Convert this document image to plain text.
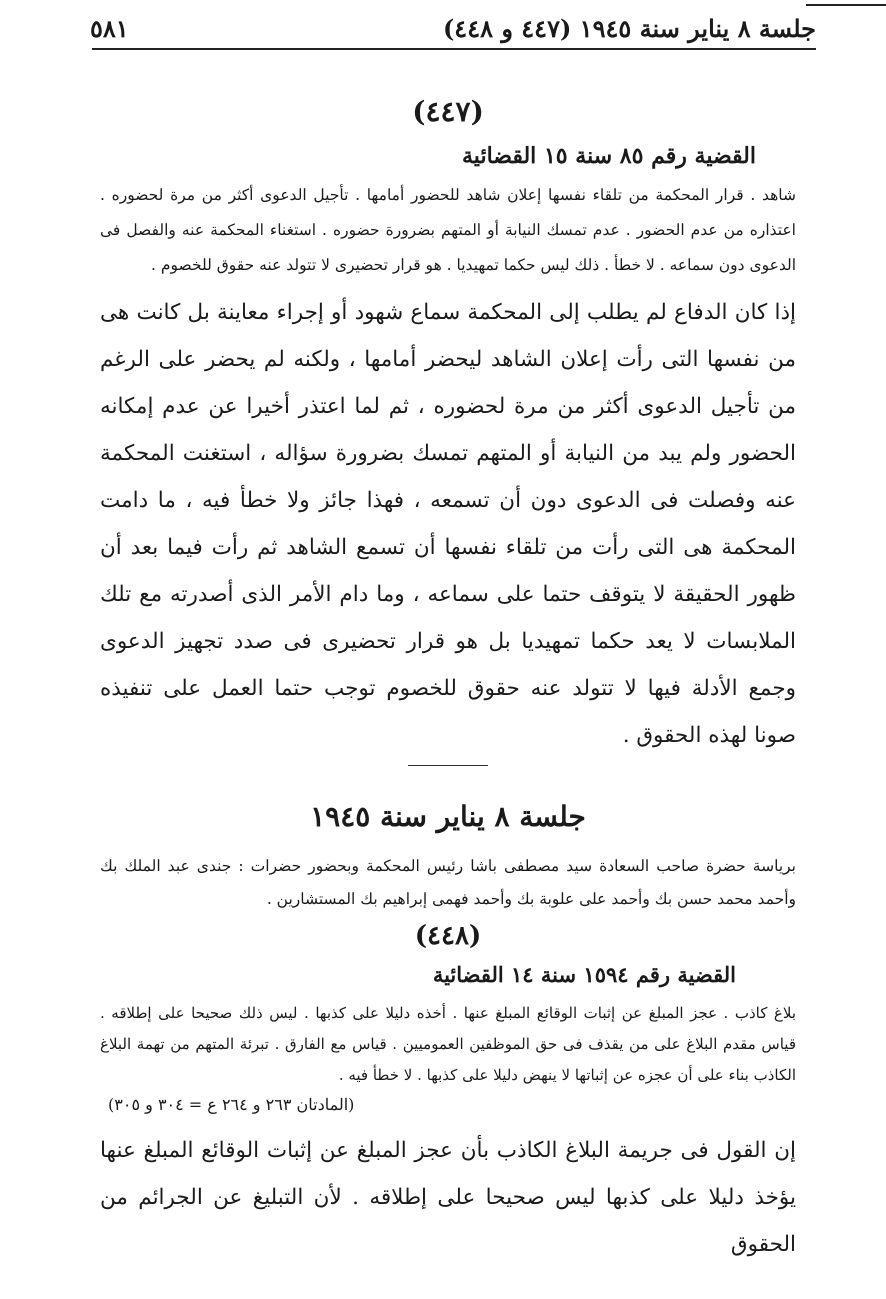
جلسة ٨ يناير سنة ١٩٤٥ (٤٤٧ و ٤٤٨)
٥٨١

(٤٤٧)

القضية رقم ٨٥ سنة ١٥ القضائية

شاهد . قرار المحكمة من تلقاء نفسها إعلان شاهد للحضور أمامها . تأجيل الدعوى أكثر من مرة لحضوره . اعتذاره من عدم الحضور . عدم تمسك النيابة أو المتهم بضرورة حضوره . استغناء المحكمة عنه والفصل فى الدعوى دون سماعه . لا خطأ . ذلك ليس حكما تمهيديا . هو قرار تحضيرى لا تتولد عنه حقوق للخصوم .

إذا كان الدفاع لم يطلب إلى المحكمة سماع شهود أو إجراء معاينة بل كانت هى من نفسها التى رأت إعلان الشاهد ليحضر أمامها ، ولكنه لم يحضر على الرغم من تأجيل الدعوى أكثر من مرة لحضوره ، ثم لما اعتذر أخيرا عن عدم إمكانه الحضور ولم يبد من النيابة أو المتهم تمسك بضرورة سؤاله ، استغنت المحكمة عنه وفصلت فى الدعوى دون أن تسمعه ، فهذا جائز ولا خطأ فيه ، ما دامت المحكمة هى التى رأت من تلقاء نفسها أن تسمع الشاهد ثم رأت فيما بعد أن ظهور الحقيقة لا يتوقف حتما على سماعه ، وما دام الأمر الذى أصدرته مع تلك الملابسات لا يعد حكما تمهيديا بل هو قرار تحضيرى فى صدد تجهيز الدعوى وجمع الأدلة فيها لا تتولد عنه حقوق للخصوم توجب حتما العمل على تنفيذه صونا لهذه الحقوق .

جلسة ٨ يناير سنة ١٩٤٥

برياسة حضرة صاحب السعادة سيد مصطفى باشا رئيس المحكمة وبحضور حضرات : جندى عبد الملك بك وأحمد محمد حسن بك وأحمد على علوبة بك وأحمد فهمى إبراهيم بك المستشارين .

(٤٤٨)

القضية رقم ١٥٩٤ سنة ١٤ القضائية

بلاغ كاذب . عجز المبلغ عن إثبات الوقائع المبلغ عنها . أخذه دليلا على كذبها . ليس ذلك صحيحا على إطلاقه . قياس مقدم البلاغ على من يقذف فى حق الموظفين العموميين . قياس مع الفارق . تبرئة المتهم من تهمة البلاغ الكاذب بناء على أن عجزه عن إثباتها لا ينهض دليلا على كذبها . لا خطأ فيه .

(المادتان ٢٦٣ و ٢٦٤ ع = ٣٠٤ و ٣٠٥)

إن القول فى جريمة البلاغ الكاذب بأن عجز المبلغ عن إثبات الوقائع المبلغ عنها يؤخذ دليلا على كذبها ليس صحيحا على إطلاقه . لأن التبليغ عن الجرائم من الحقوق
